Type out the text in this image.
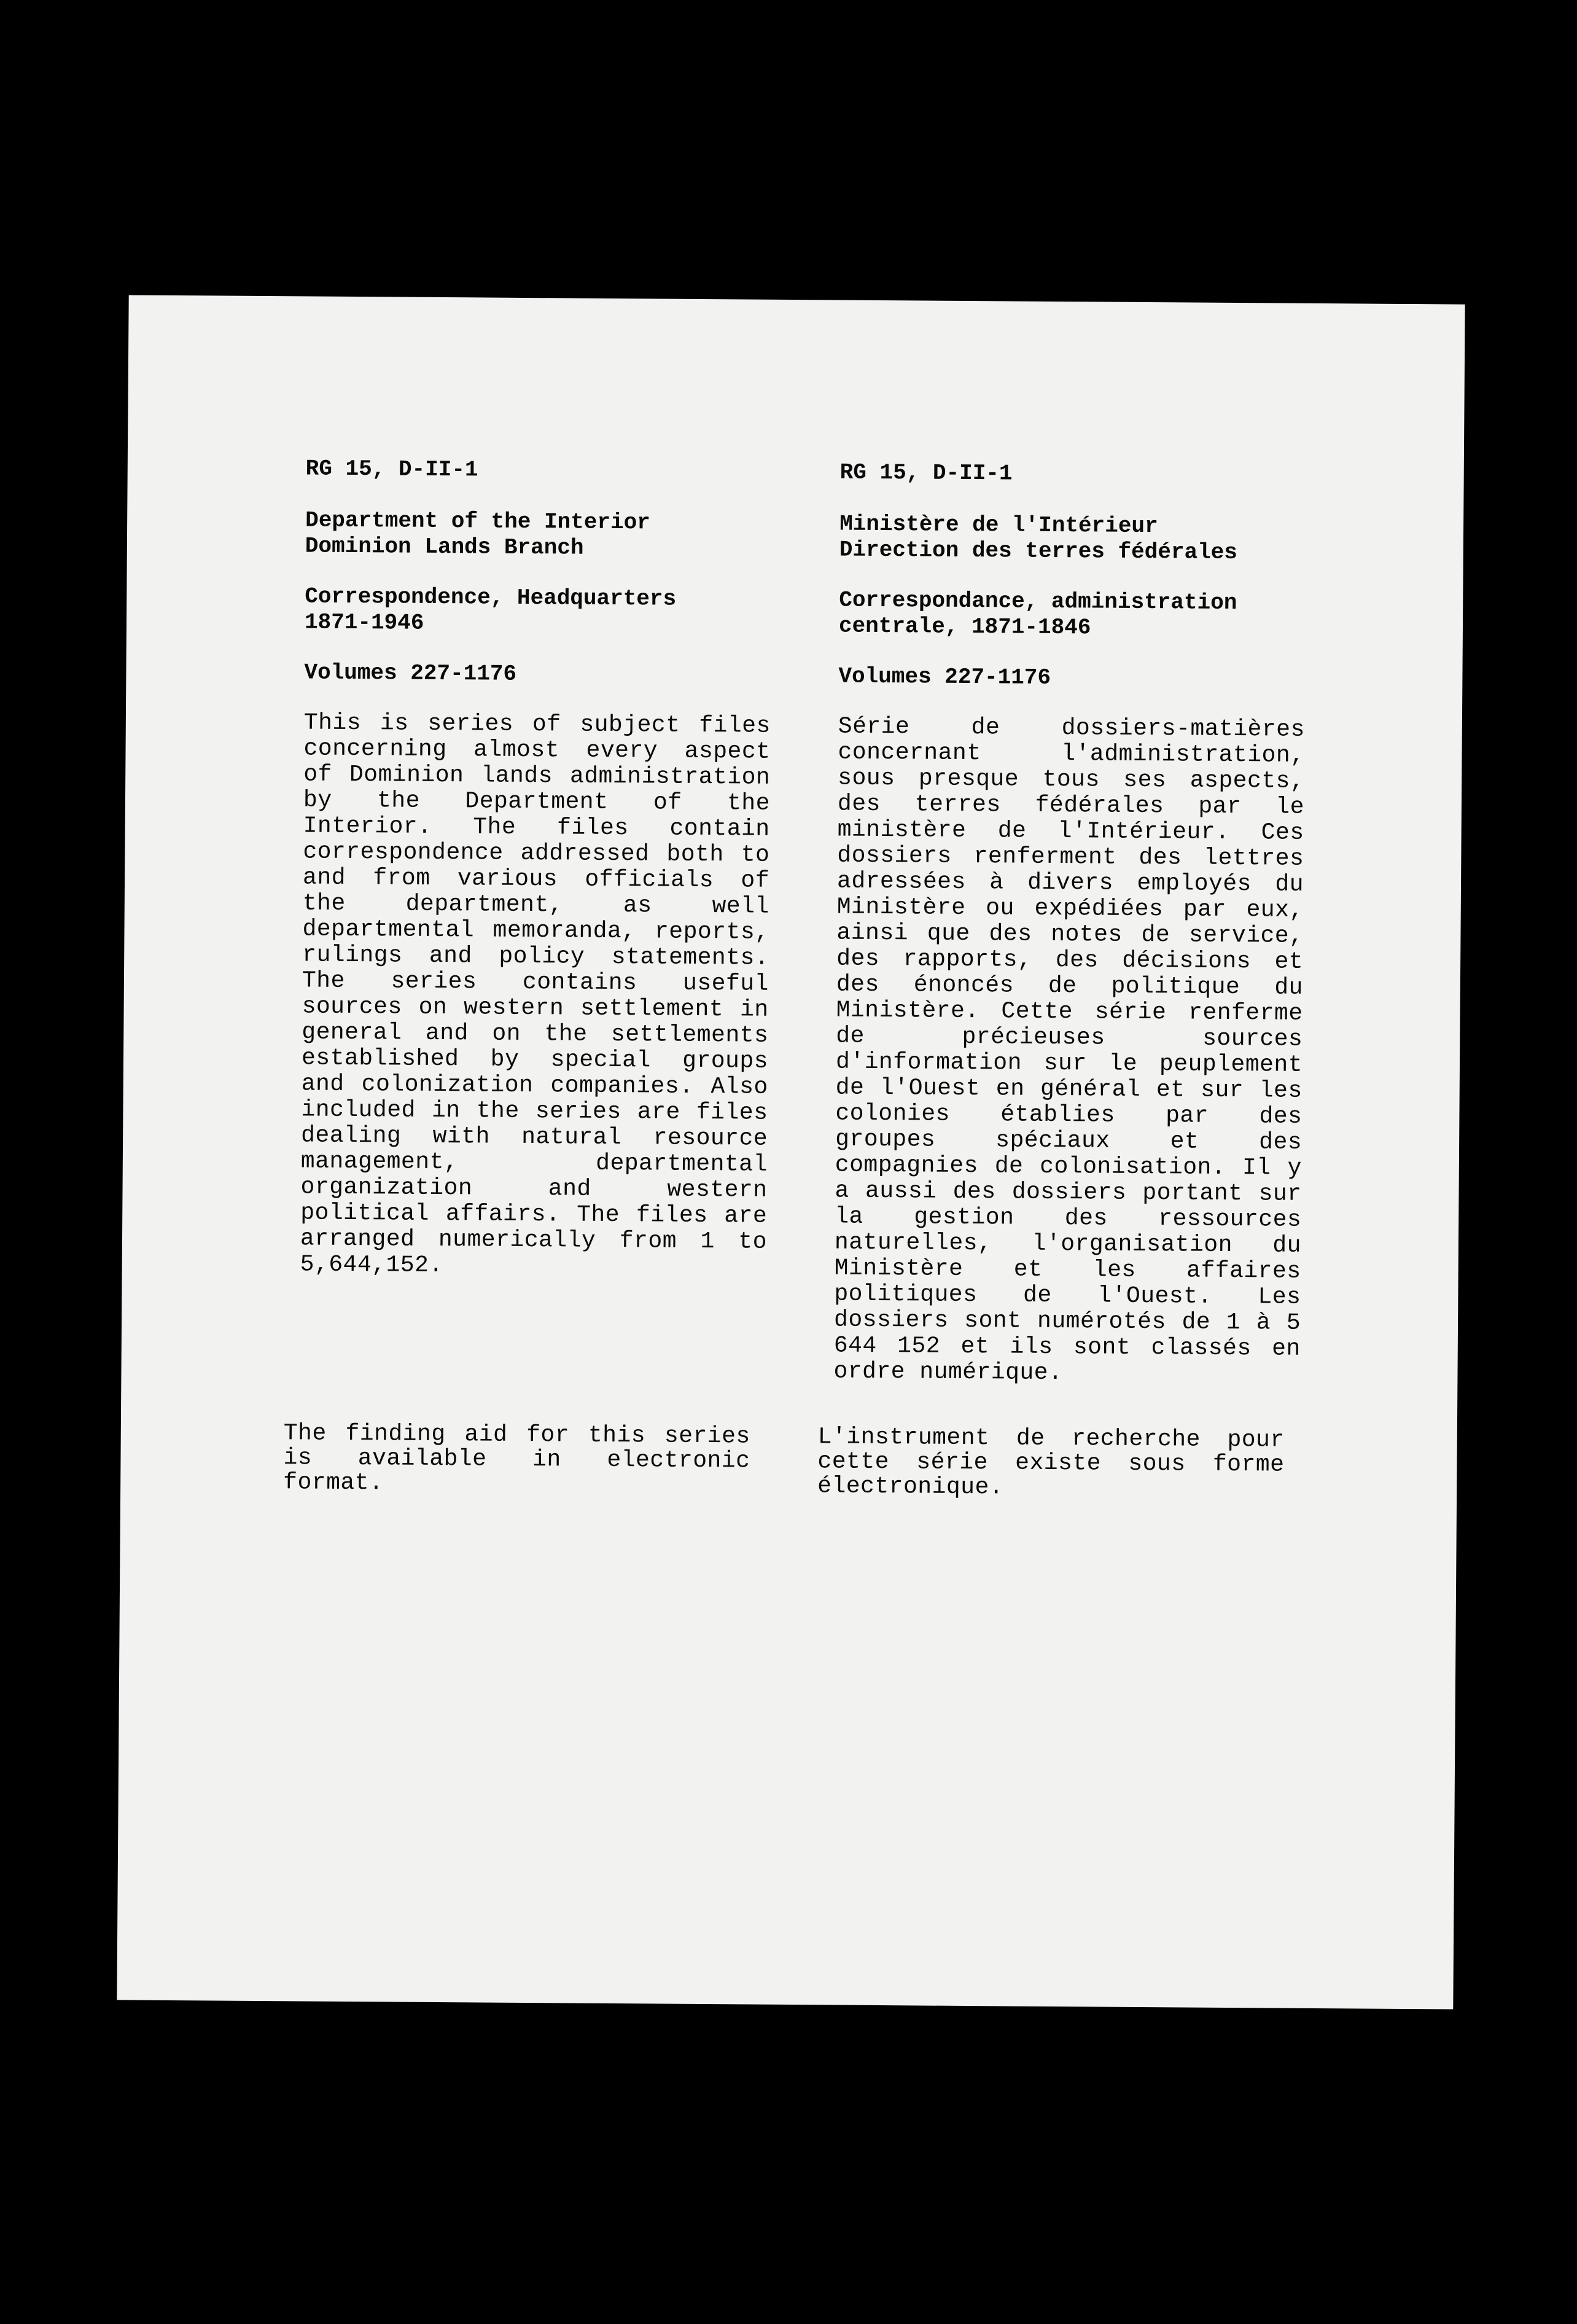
RG 15, D-II-1
Department of the Interior
Dominion Lands Branch
Correspondence, Headquarters
1871-1946
Volumes 227-1176

This is series of subject files concerning almost every aspect of Dominion lands administration by the Department of the Interior. The files contain correspondence addressed both to and from various officials of the department, as well departmental memoranda, reports, rulings and policy statements. The series contains useful sources on western settlement in general and on the settlements established by special groups and colonization companies. Also included in the series are files dealing with natural resource management, departmental organization and western political affairs. The files are arranged numerically from 1 to 5,644,152.

RG 15, D-II-1
Ministère de l'Intérieur
Direction des terres fédérales
Correspondance, administration
centrale, 1871-1846
Volumes 227-1176

Série de dossiers-matières concernant l'administration, sous presque tous ses aspects, des terres fédérales par le ministère de l'Intérieur. Ces dossiers renferment des lettres adressées à divers employés du Ministère ou expédiées par eux, ainsi que des notes de service, des rapports, des décisions et des énoncés de politique du Ministère. Cette série renferme de précieuses sources d'information sur le peuplement de l'Ouest en général et sur les colonies établies par des groupes spéciaux et des compagnies de colonisation. Il y a aussi des dossiers portant sur la gestion des ressources naturelles, l'organisation du Ministère et les affaires politiques de l'Ouest. Les dossiers sont numérotés de 1 à 5 644 152 et ils sont classés en ordre numérique.

The finding aid for this series is available in electronic format.

L'instrument de recherche pour cette série existe sous forme électronique.
